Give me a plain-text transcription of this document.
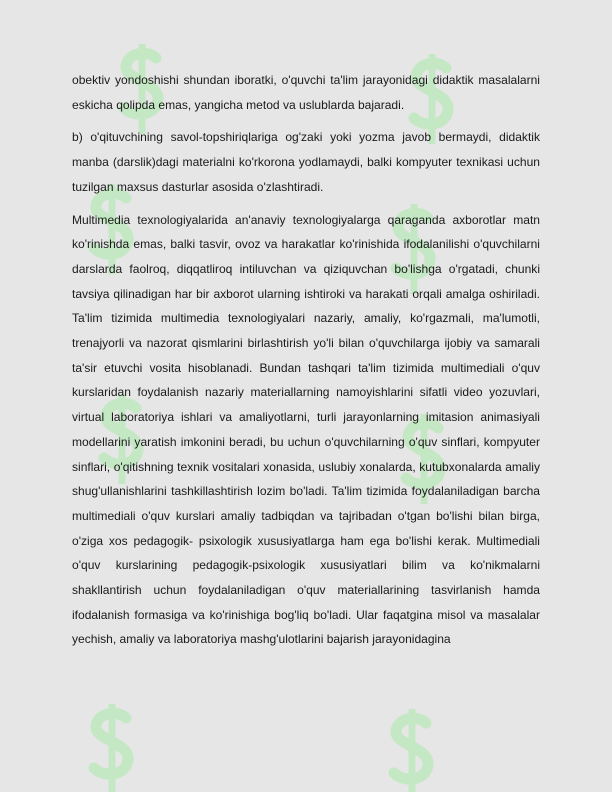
obektiv yondoshishi shundan iboratki, o'quvchi ta'lim jarayonidagi didaktik masalalarni eskicha qolipda emas, yangicha metod va uslublarda bajaradi.

b) o'qituvchining savol-topshiriqlariga og'zaki yoki yozma javob bermaydi, didaktik manba (darslik)dagi materialni ko'rkorona yodlamaydi, balki kompyuter texnikasi uchun tuzilgan maxsus dasturlar asosida o'zlashtiradi.

Multimedia texnologiyalarida an'anaviy texnologiyalarga qaraganda axborotlar matn ko'rinishda emas, balki tasvir, ovoz va harakatlar ko'rinishida ifodalanilishi o'quvchilarni darslarda faolroq, diqqatliroq intiluvchan va qiziquvchan bo'lishga o'rgatadi, chunki tavsiya qilinadigan har bir axborot ularning ishtiroki va harakati orqali amalga oshiriladi. Ta'lim tizimida multimedia texnologiyalari nazariy, amaliy, ko'rgazmali, ma'lumotli, trenajyorli va nazorat qismlarini birlashtirish yo'li bilan o'quvchilarga ijobiy va samarali ta'sir etuvchi vosita hisoblanadi. Bundan tashqari ta'lim tizimida multimediali o'quv kurslaridan foydalanish nazariy materiallarning namoyishlarini sifatli video yozuvlari, virtual laboratoriya ishlari va amaliyotlarni, turli jarayonlarning imitasion animasiyali modellarini yaratish imkonini beradi, bu uchun o'quvchilarning o'quv sinflari, kompyuter sinflari, o'qitishning texnik vositalari xonasida, uslubiy xonalarda, kutubxonalarda amaliy shug'ullanishlarini tashkillashtirish lozim bo'ladi. Ta'lim tizimida foydalaniladigan barcha multimediali o'quv kurslari amaliy tadbiqdan va tajribadan o'tgan bo'lishi bilan birga, o'ziga xos pedagogik- psixologik xususiyatlarga ham ega bo'lishi kerak. Multimediali o'quv kurslarining pedagogik-psixologik xususiyatlari bilim va ko'nikmalarni shakllantirish uchun foydalaniladigan o'quv materiallarining tasvirlanish hamda ifodalanish formasiga va ko'rinishiga bog'liq bo'ladi. Ular faqatgina misol va masalalar yechish, amaliy va laboratoriya mashg'ulotlarini bajarish jarayonidagina
